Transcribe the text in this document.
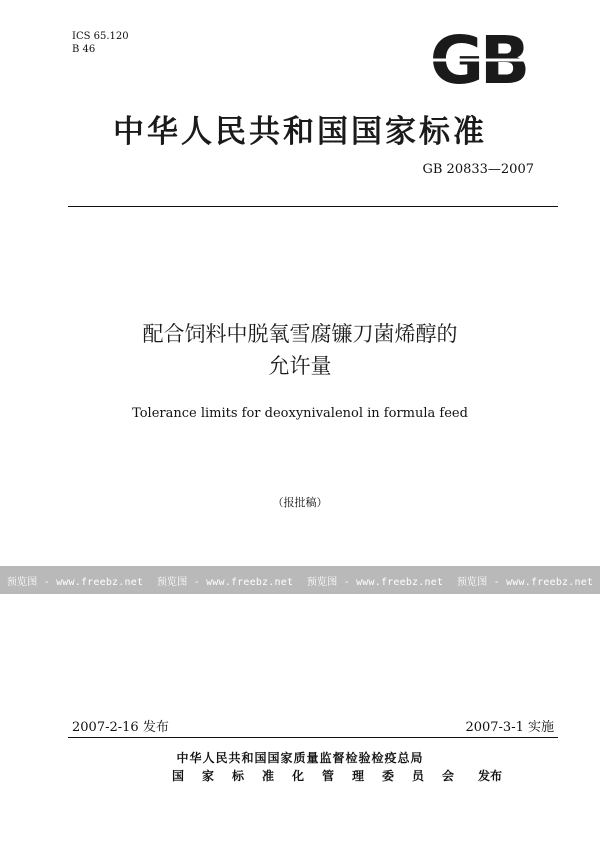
ICS 65.120
B 46	GB
中华人民共和国国家标准
GB 20833—2007
配合饲料中脱氧雪腐镰刀菌烯醇的
允许量
Tolerance limits for deoxynivalenol in formula feed
（报批稿）
预览图 - www.freebz.net 预览图 - www.freebz.net 预览图 - www.freebz.net 预览图 - www.freebz.net
2007-2-16 发布	2007-3-1 实施
中华人民共和国国家质量监督检验检疫总局
国家标准化管理委员会 发布
